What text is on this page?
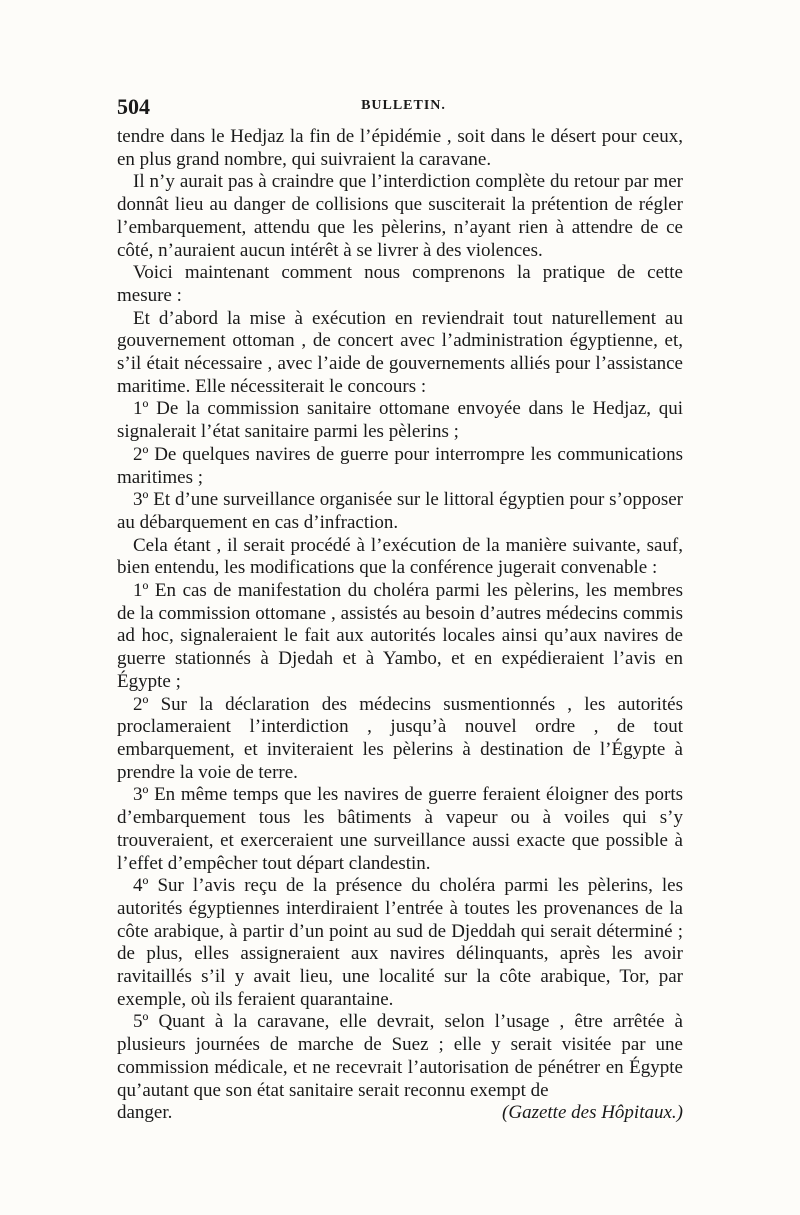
504	BULLETIN.

tendre dans le Hedjaz la fin de l’épidémie , soit dans le désert pour ceux, en plus grand nombre, qui suivraient la caravane.

Il n’y aurait pas à craindre que l’interdiction complète du retour par mer donnât lieu au danger de collisions que susciterait la prétention de régler l’embarquement, attendu que les pèlerins, n’ayant rien à attendre de ce côté, n’auraient aucun intérêt à se livrer à des violences.

Voici maintenant comment nous comprenons la pratique de cette mesure :

Et d’abord la mise à exécution en reviendrait tout naturellement au gouvernement ottoman , de concert avec l’administration égyptienne, et, s’il était nécessaire , avec l’aide de gouvernements alliés pour l’assistance maritime. Elle nécessiterait le concours :

1º De la commission sanitaire ottomane envoyée dans le Hedjaz, qui signalerait l’état sanitaire parmi les pèlerins ;

2º De quelques navires de guerre pour interrompre les communications maritimes ;

3º Et d’une surveillance organisée sur le littoral égyptien pour s’opposer au débarquement en cas d’infraction.

Cela étant , il serait procédé à l’exécution de la manière suivante, sauf, bien entendu, les modifications que la conférence jugerait convenable :

1º En cas de manifestation du choléra parmi les pèlerins, les membres de la commission ottomane , assistés au besoin d’autres médecins commis ad hoc, signaleraient le fait aux autorités locales ainsi qu’aux navires de guerre stationnés à Djedah et à Yambo, et en expédieraient l’avis en Égypte ;

2º Sur la déclaration des médecins susmentionnés , les autorités proclameraient l’interdiction , jusqu’à nouvel ordre , de tout embarquement, et inviteraient les pèlerins à destination de l’Égypte à prendre la voie de terre.

3º En même temps que les navires de guerre feraient éloigner des ports d’embarquement tous les bâtiments à vapeur ou à voiles qui s’y trouveraient, et exerceraient une surveillance aussi exacte que possible à l’effet d’empêcher tout départ clandestin.

4º Sur l’avis reçu de la présence du choléra parmi les pèlerins, les autorités égyptiennes interdiraient l’entrée à toutes les provenances de la côte arabique, à partir d’un point au sud de Djeddah qui serait déterminé ; de plus, elles assigneraient aux navires délinquants, après les avoir ravitaillés s’il y avait lieu, une localité sur la côte arabique, Tor, par exemple, où ils feraient quarantaine.

5º Quant à la caravane, elle devrait, selon l’usage , être arrêtée à plusieurs journées de marche de Suez ; elle y serait visitée par une commission médicale, et ne recevrait l’autorisation de pénétrer en Égypte qu’autant que son état sanitaire serait reconnu exempt de

danger.	(Gazette des Hôpitaux.)
